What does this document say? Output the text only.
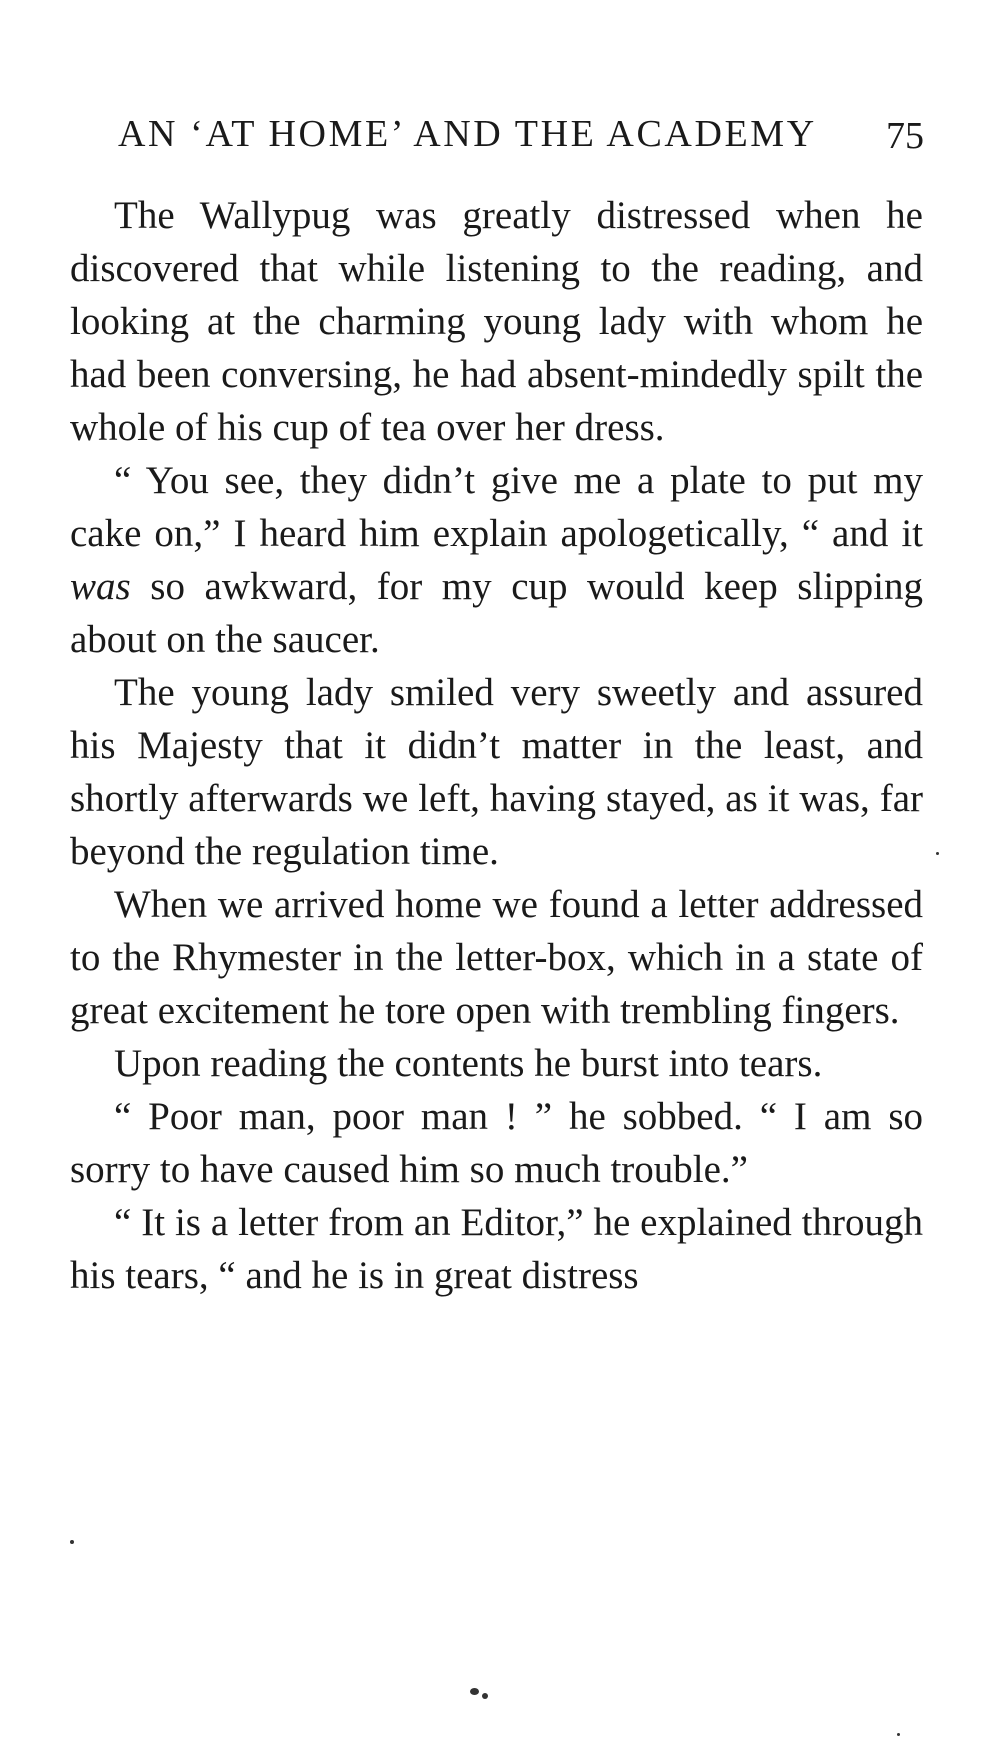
AN ‘AT HOME’ AND THE ACADEMY 75

The Wallypug was greatly distressed when he discovered that while listening to the reading, and looking at the charming young lady with whom he had been conversing, he had absent-mindedly spilt the whole of his cup of tea over her dress.

“ You see, they didn’t give me a plate to put my cake on,” I heard him explain apologetically, “ and it was so awkward, for my cup would keep slipping about on the saucer.

The young lady smiled very sweetly and assured his Majesty that it didn’t matter in the least, and shortly afterwards we left, having stayed, as it was, far beyond the regulation time.

When we arrived home we found a letter addressed to the Rhymester in the letter-box, which in a state of great excitement he tore open with trembling fingers.

Upon reading the contents he burst into tears.

“ Poor man, poor man ! ” he sobbed. “ I am so sorry to have caused him so much trouble.”

“ It is a letter from an Editor,” he explained through his tears, “ and he is in great distress
